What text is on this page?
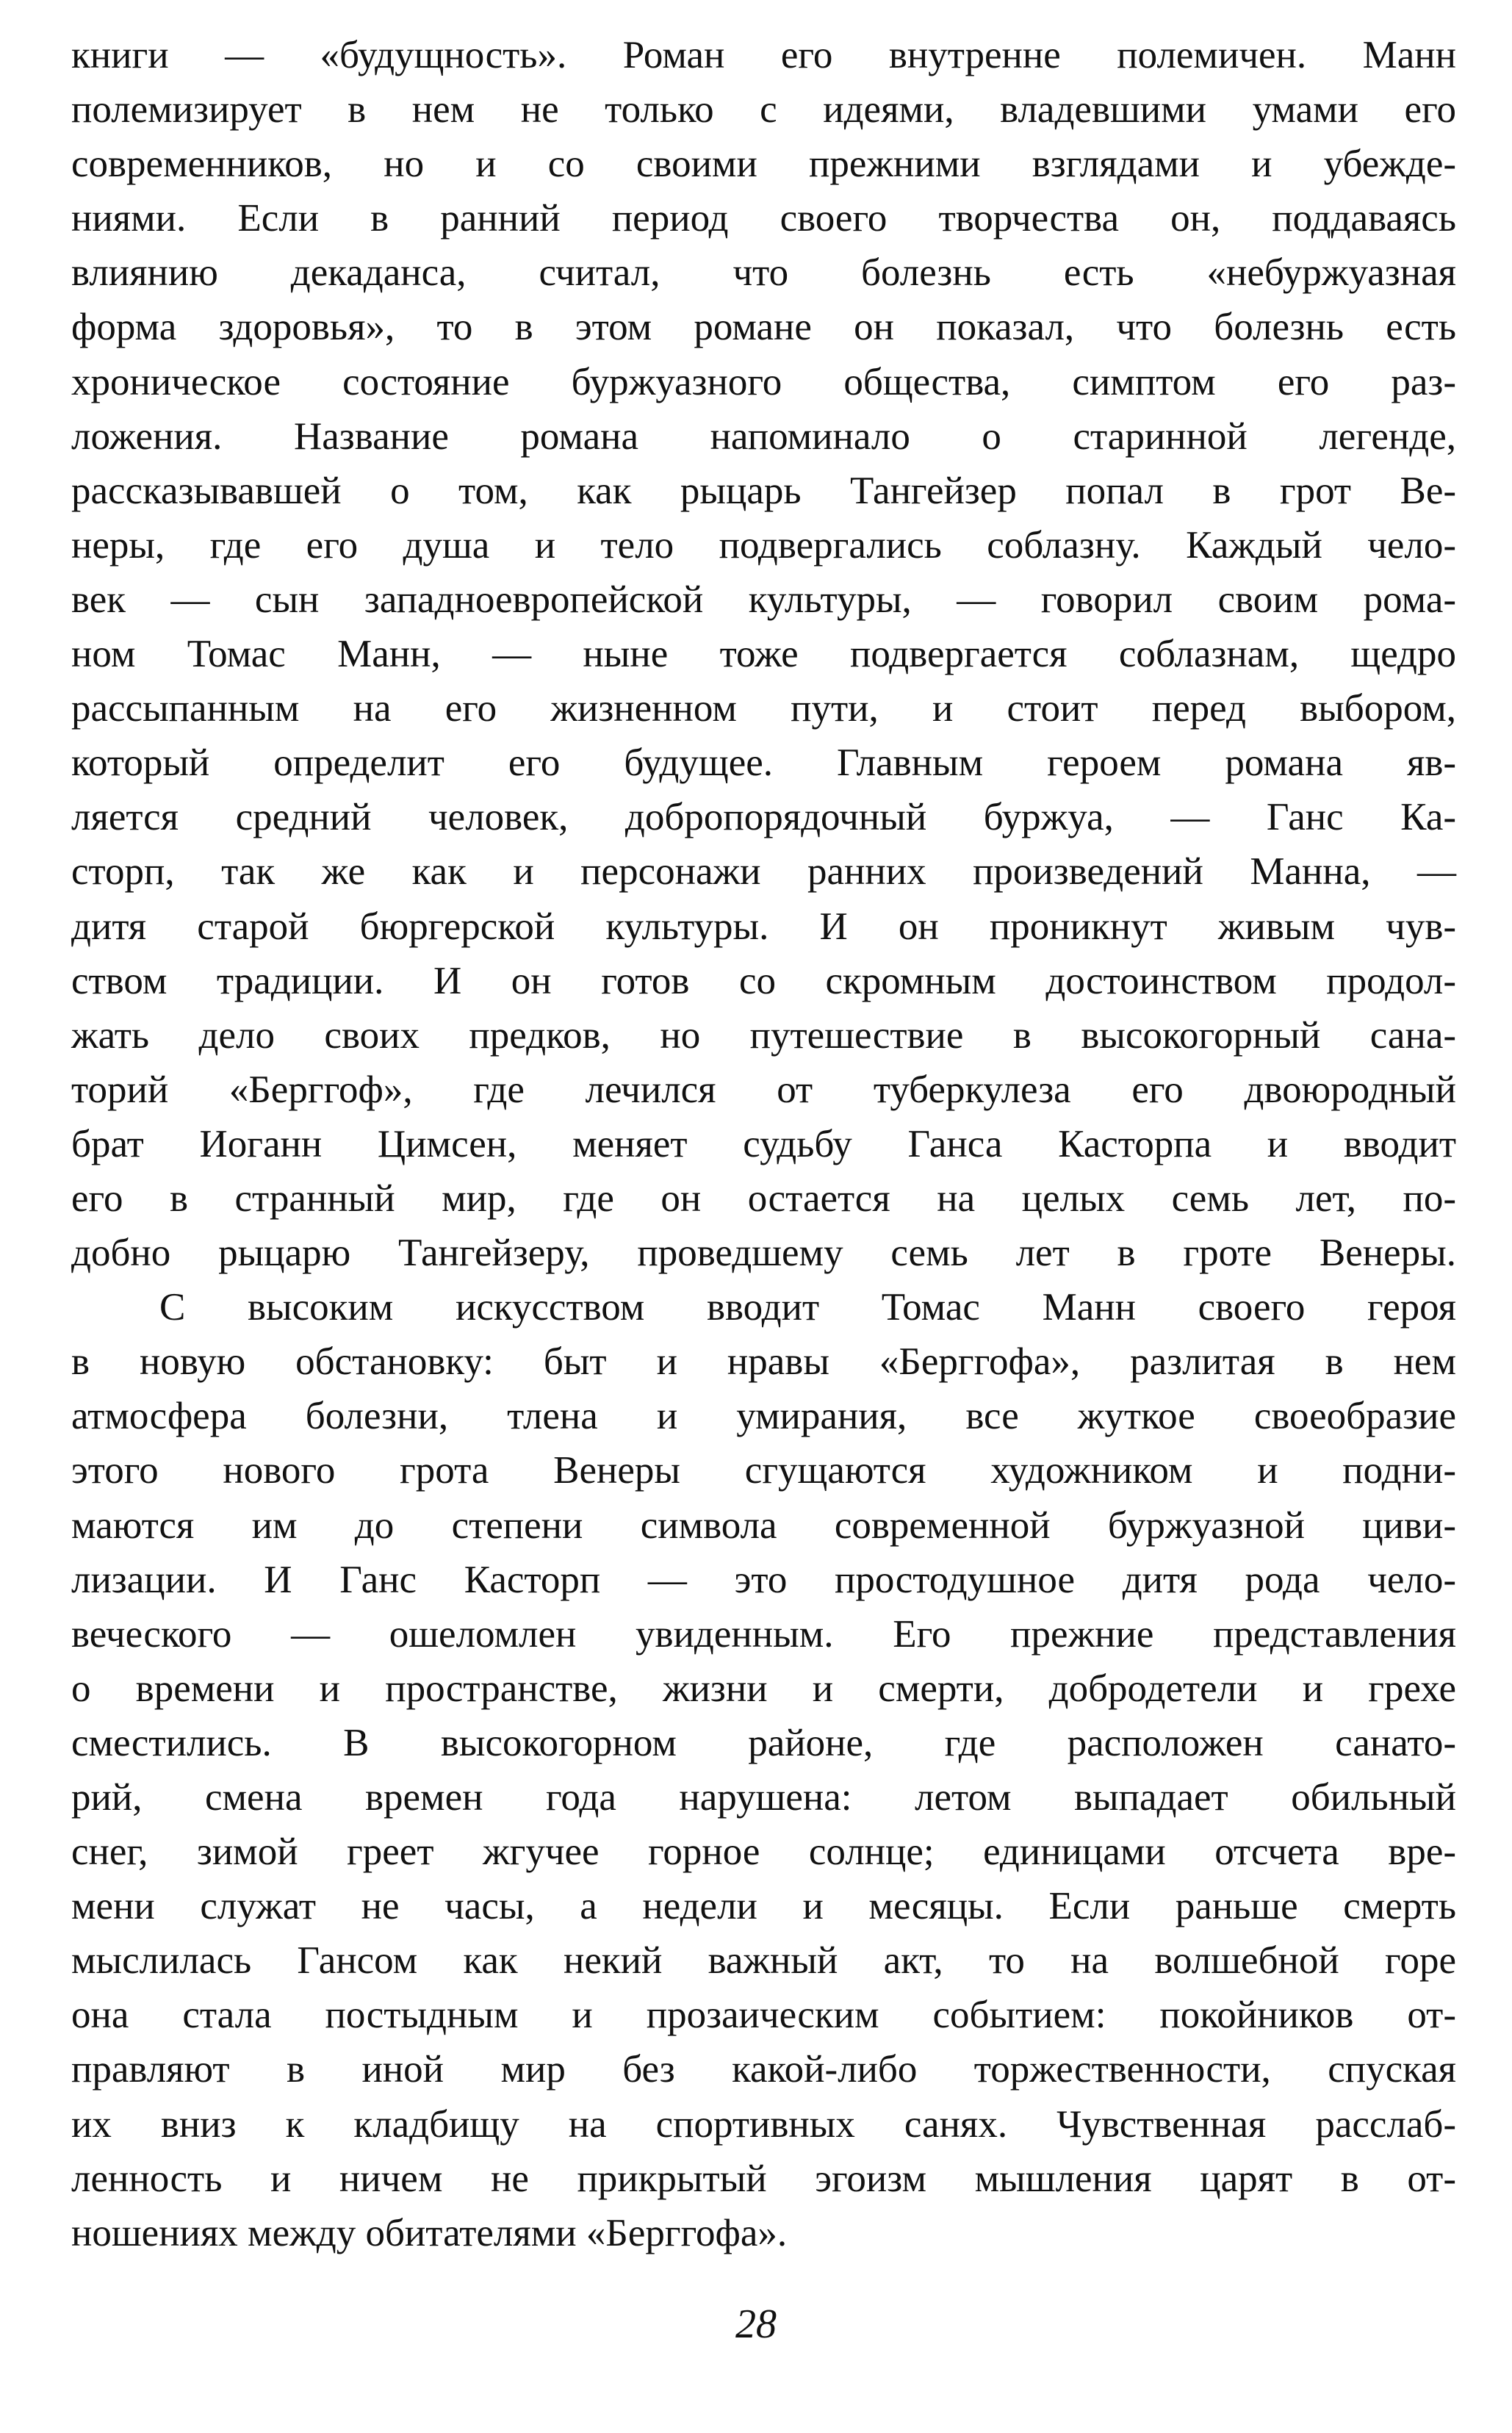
книги — «будущность». Роман его внутренне полемичен. Манн
полемизирует в нем не только с идеями, владевшими умами его
современников, но и со своими прежними взглядами и убежде-
ниями. Если в ранний период своего творчества он, поддаваясь
влиянию декаданса, считал, что болезнь есть «небуржуазная
форма здоровья», то в этом романе он показал, что болезнь есть
хроническое состояние буржуазного общества, симптом его раз-
ложения. Название романа напоминало о старинной легенде,
рассказывавшей о том, как рыцарь Тангейзер попал в грот Ве-
неры, где его душа и тело подвергались соблазну. Каждый чело-
век — сын западноевропейской культуры, — говорил своим рома-
ном Томас Манн, — ныне тоже подвергается соблазнам, щедро
рассыпанным на его жизненном пути, и стоит перед выбором,
который определит его будущее. Главным героем романа яв-
ляется средний человек, добропорядочный буржуа, — Ганс Ка-
сторп, так же как и персонажи ранних произведений Манна, —
дитя старой бюргерской культуры. И он проникнут живым чув-
ством традиции. И он готов со скромным достоинством продол-
жать дело своих предков, но путешествие в высокогорный сана-
торий «Берггоф», где лечился от туберкулеза его двоюродный
брат Иоганн Цимсен, меняет судьбу Ганса Касторпа и вводит
его в странный мир, где он остается на целых семь лет, по-
добно рыцарю Тангейзеру, проведшему семь лет в гроте Венеры.
С высоким искусством вводит Томас Манн своего героя
в новую обстановку: быт и нравы «Берггофа», разлитая в нем
атмосфера болезни, тлена и умирания, все жуткое своеобразие
этого нового грота Венеры сгущаются художником и подни-
маются им до степени символа современной буржуазной циви-
лизации. И Ганс Касторп — это простодушное дитя рода чело-
веческого — ошеломлен увиденным. Его прежние представления
о времени и пространстве, жизни и смерти, добродетели и грехе
сместились. В высокогорном районе, где расположен санато-
рий, смена времен года нарушена: летом выпадает обильный
снег, зимой греет жгучее горное солнце; единицами отсчета вре-
мени служат не часы, а недели и месяцы. Если раньше смерть
мыслилась Гансом как некий важный акт, то на волшебной горе
она стала постыдным и прозаическим событием: покойников от-
правляют в иной мир без какой-либо торжественности, спуская
их вниз к кладбищу на спортивных санях. Чувственная расслаб-
ленность и ничем не прикрытый эгоизм мышления царят в от-
ношениях между обитателями «Берггофа».
28
